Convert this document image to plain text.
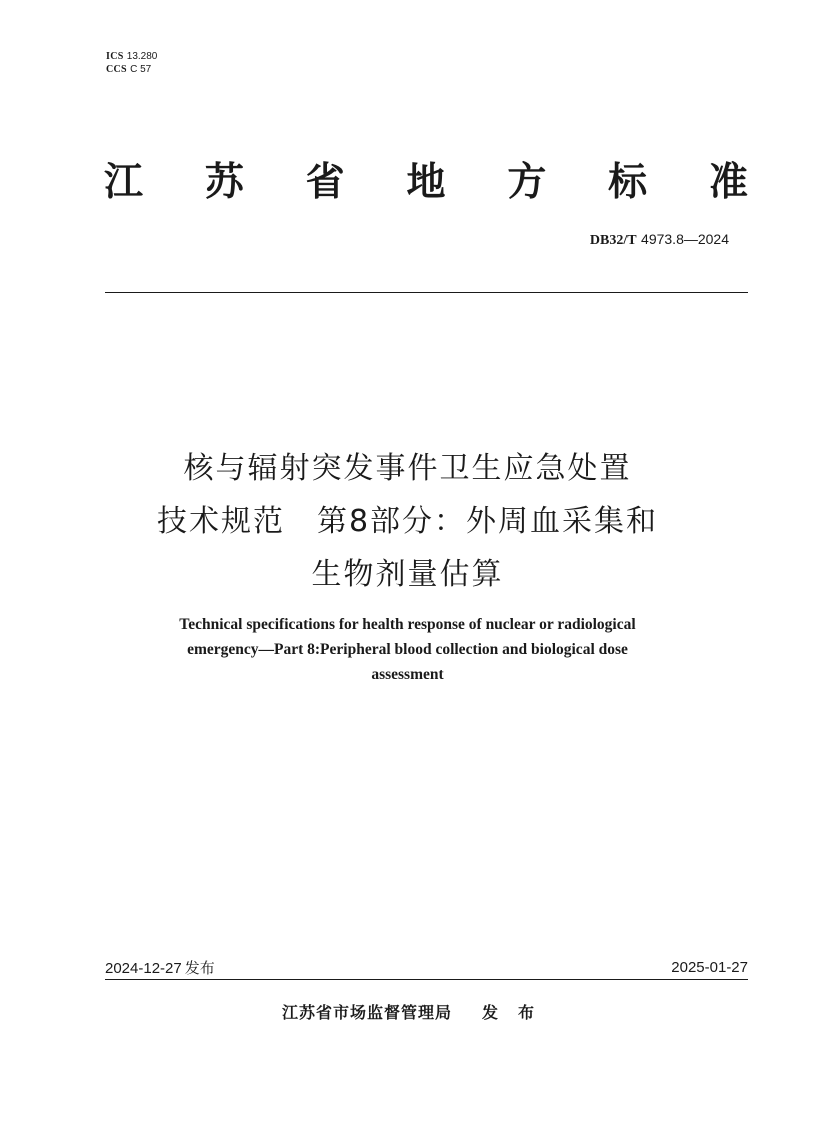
ICS 13.280
CCS C 57
江 苏 省 地 方 标 准
DB32/T 4973.8—2024
核与辐射突发事件卫生应急处置
技术规范　第8部分：外周血采集和
生物剂量估算
Technical specifications for health response of nuclear or radiological
emergency—Part 8:Peripheral blood collection and biological dose
assessment
2024-12-27 发布	2025-01-27
江苏省市场监督管理局 发布
